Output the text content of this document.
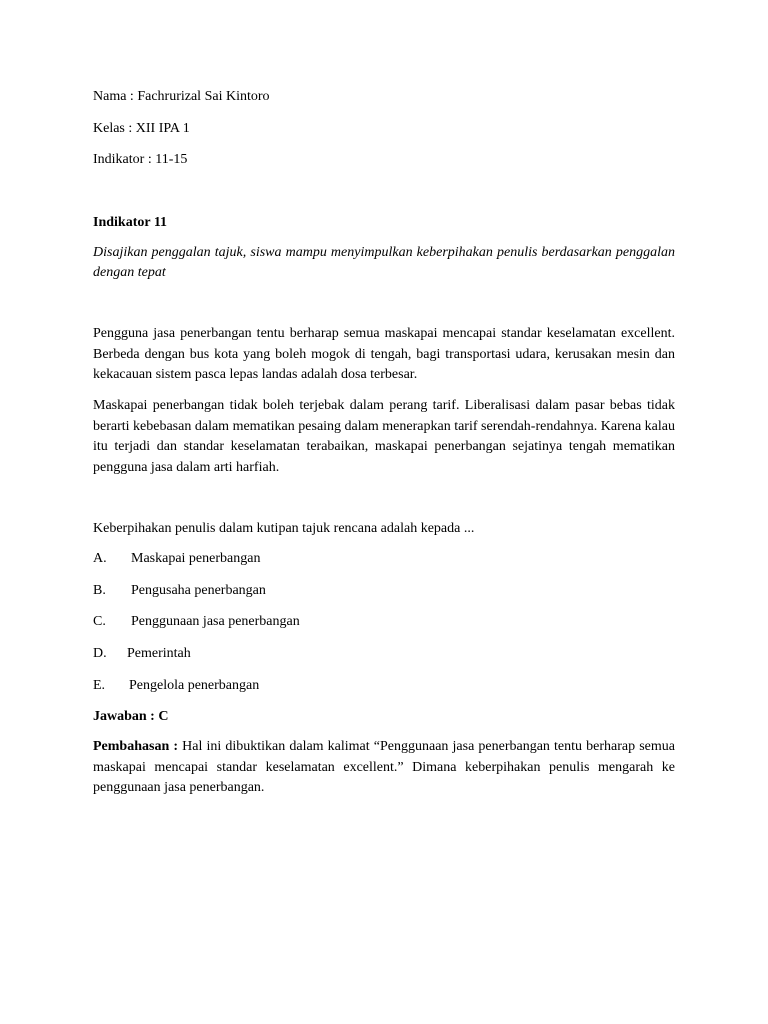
Nama : Fachrurizal Sai Kintoro
Kelas : XII IPA 1
Indikator : 11-15
Indikator 11
Disajikan penggalan tajuk, siswa mampu menyimpulkan keberpihakan penulis berdasarkan penggalan dengan tepat
Pengguna jasa penerbangan tentu berharap semua maskapai mencapai standar keselamatan excellent. Berbeda dengan bus kota yang boleh mogok di tengah, bagi transportasi udara, kerusakan mesin dan kekacauan sistem pasca lepas landas adalah dosa terbesar.
Maskapai penerbangan tidak boleh terjebak dalam perang tarif. Liberalisasi dalam pasar bebas tidak berarti kebebasan dalam mematikan pesaing dalam menerapkan tarif serendah-rendahnya. Karena kalau itu terjadi dan standar keselamatan terabaikan, maskapai penerbangan sejatinya tengah mematikan pengguna jasa dalam arti harfiah.
Keberpihakan penulis dalam kutipan tajuk rencana adalah kepada ...
A. Maskapai penerbangan
B. Pengusaha penerbangan
C. Penggunaan jasa penerbangan
D. Pemerintah
E. Pengelola penerbangan
Jawaban : C
Pembahasan : Hal ini dibuktikan dalam kalimat “Penggunaan jasa penerbangan tentu berharap semua maskapai mencapai standar keselamatan excellent.” Dimana keberpihakan penulis mengarah ke penggunaan jasa penerbangan.
